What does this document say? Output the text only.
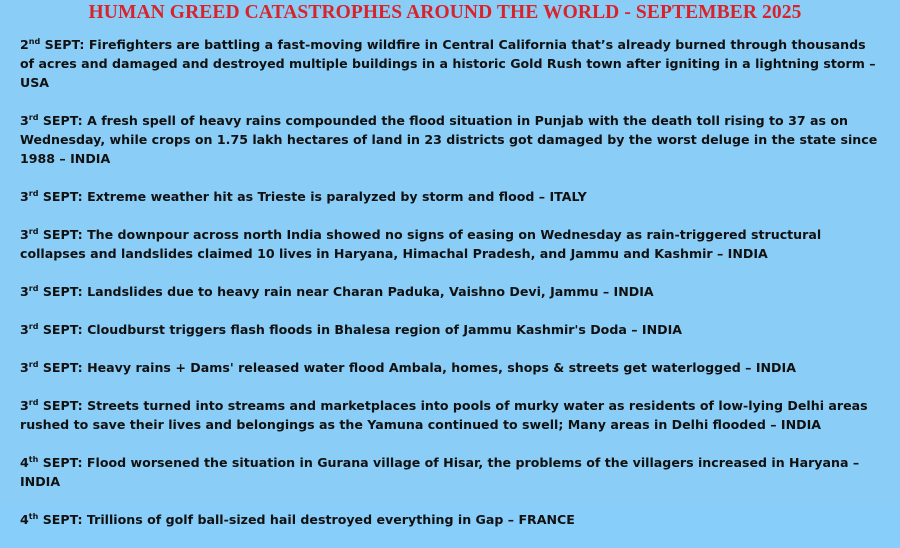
HUMAN GREED CATASTROPHES AROUND THE WORLD - SEPTEMBER 2025
2nd SEPT: Firefighters are battling a fast-moving wildfire in Central California that’s already burned through thousands of acres and damaged and destroyed multiple buildings in a historic Gold Rush town after igniting in a lightning storm – USA
3rd SEPT: A fresh spell of heavy rains compounded the flood situation in Punjab with the death toll rising to 37 as on Wednesday, while crops on 1.75 lakh hectares of land in 23 districts got damaged by the worst deluge in the state since 1988 – INDIA
3rd SEPT: Extreme weather hit as Trieste is paralyzed by storm and flood – ITALY
3rd SEPT: The downpour across north India showed no signs of easing on Wednesday as rain-triggered structural collapses and landslides claimed 10 lives in Haryana, Himachal Pradesh, and Jammu and Kashmir – INDIA
3rd SEPT: Landslides due to heavy rain near Charan Paduka, Vaishno Devi, Jammu – INDIA
3rd SEPT: Cloudburst triggers flash floods in Bhalesa region of Jammu Kashmir's Doda – INDIA
3rd SEPT: Heavy rains + Dams' released water flood Ambala, homes, shops & streets get waterlogged – INDIA
3rd SEPT: Streets turned into streams and marketplaces into pools of murky water as residents of low-lying Delhi areas rushed to save their lives and belongings as the Yamuna continued to swell; Many areas in Delhi flooded – INDIA
4th SEPT: Flood worsened the situation in Gurana village of Hisar, the problems of the villagers increased in Haryana – INDIA
4th SEPT: Trillions of golf ball-sized hail destroyed everything in Gap – FRANCE
